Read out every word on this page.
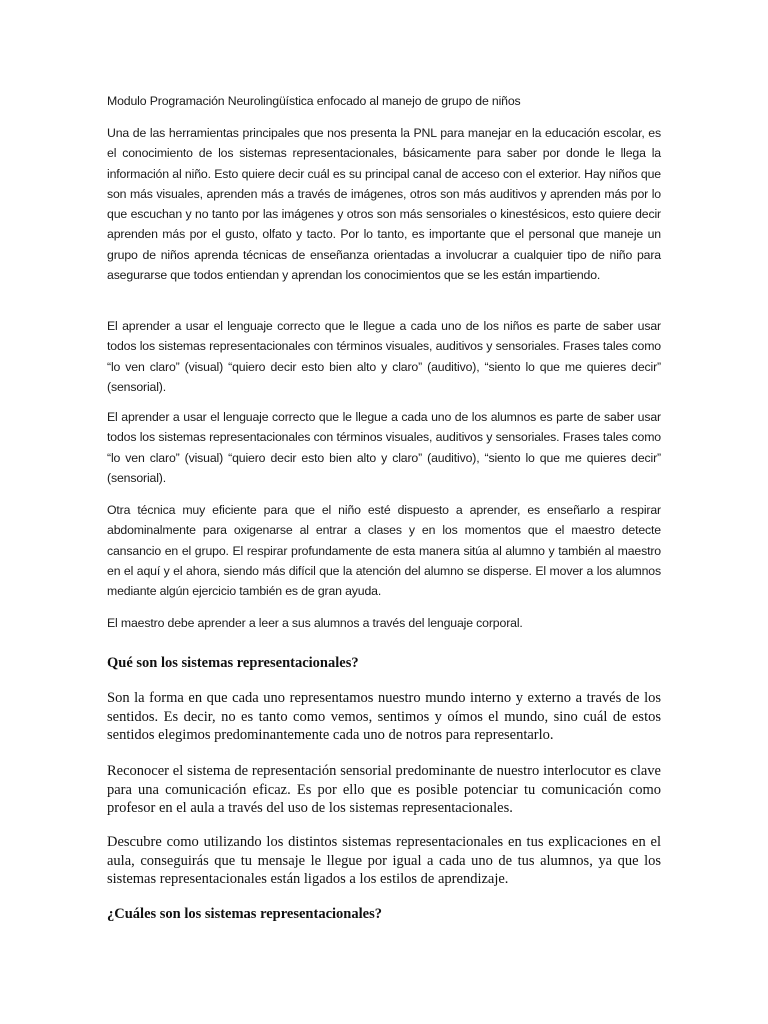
Modulo Programación Neurolingüística enfocado al manejo de grupo de niños

Una de las herramientas principales que nos presenta la PNL para manejar en la educación escolar, es el conocimiento de los sistemas representacionales, básicamente para saber por donde le llega la información al niño. Esto quiere decir cuál es su principal canal de acceso con el exterior. Hay niños que son más visuales, aprenden más a través de imágenes, otros son más auditivos y aprenden más por lo que escuchan y no tanto por las imágenes y otros son más sensoriales o kinestésicos, esto quiere decir aprenden más por el gusto, olfato y tacto. Por lo tanto, es importante que el personal que maneje un grupo de niños aprenda técnicas de enseñanza orientadas a involucrar a cualquier tipo de niño para asegurarse que todos entiendan y aprendan los conocimientos que se les están impartiendo.

El aprender a usar el lenguaje correcto que le llegue a cada uno de los niños es parte de saber usar todos los sistemas representacionales con términos visuales, auditivos y sensoriales. Frases tales como “lo ven claro” (visual) “quiero decir esto bien alto y claro” (auditivo), “siento lo que me quieres decir” (sensorial).

El aprender a usar el lenguaje correcto que le llegue a cada uno de los alumnos es parte de saber usar todos los sistemas representacionales con términos visuales, auditivos y sensoriales. Frases tales como “lo ven claro” (visual) “quiero decir esto bien alto y claro” (auditivo), “siento lo que me quieres decir” (sensorial).

Otra técnica muy eficiente para que el niño esté dispuesto a aprender, es enseñarlo a respirar abdominalmente para oxigenarse al entrar a clases y en los momentos que el maestro detecte cansancio en el grupo. El respirar profundamente de esta manera sitúa al alumno y también al maestro en el aquí y el ahora, siendo más difícil que la atención del alumno se disperse. El mover a los alumnos mediante algún ejercicio también es de gran ayuda.

El maestro debe aprender a leer a sus alumnos a través del lenguaje corporal.

Qué son los sistemas representacionales?

Son la forma en que cada uno representamos nuestro mundo interno y externo a través de los sentidos. Es decir, no es tanto como vemos, sentimos y oímos el mundo, sino cuál de estos sentidos elegimos predominantemente cada uno de notros para representarlo.

Reconocer el sistema de representación sensorial predominante de nuestro interlocutor es clave para una comunicación eficaz. Es por ello que es posible potenciar tu comunicación como profesor en el aula a través del uso de los sistemas representacionales.

Descubre como utilizando los distintos sistemas representacionales en tus explicaciones en el aula, conseguirás que tu mensaje le llegue por igual a cada uno de tus alumnos, ya que los sistemas representacionales están ligados a los estilos de aprendizaje.

¿Cuáles son los sistemas representacionales?
